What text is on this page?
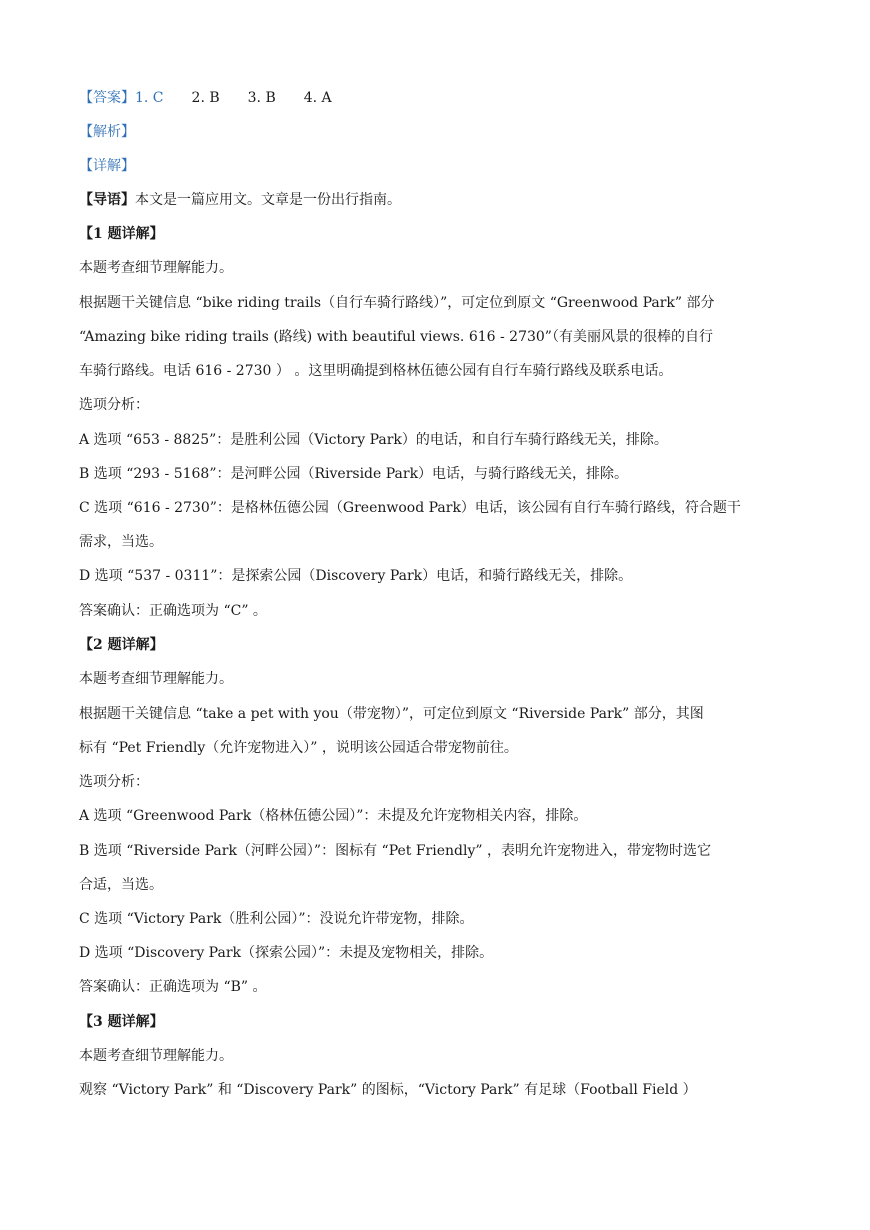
【答案】1. C 2. B 3. B 4. A
【解析】
【详解】
【导语】本文是一篇应用文。文章是一份出行指南。
【1 题详解】
本题考查细节理解能力。
根据题干关键信息 “bike riding trails（自行车骑行路线）”，可定位到原文 “Greenwood Park” 部分
“Amazing bike riding trails (路线) with beautiful views. 616 - 2730”（有美丽风景的很棒的自行
车骑行路线。电话 616 - 2730 ） 。这里明确提到格林伍德公园有自行车骑行路线及联系电话。
选项分析：
A 选项 “653 - 8825”：是胜利公园（Victory Park）的电话，和自行车骑行路线无关，排除。
B 选项 “293 - 5168”：是河畔公园（Riverside Park）电话，与骑行路线无关，排除。
C 选项 “616 - 2730”：是格林伍德公园（Greenwood Park）电话，该公园有自行车骑行路线，符合题干
需求，当选。
D 选项 “537 - 0311”：是探索公园（Discovery Park）电话，和骑行路线无关，排除。
答案确认：正确选项为 “C” 。
【2 题详解】
本题考查细节理解能力。
根据题干关键信息 “take a pet with you（带宠物）”，可定位到原文 “Riverside Park” 部分，其图
标有 “Pet Friendly（允许宠物进入）” ，说明该公园适合带宠物前往。
选项分析：
A 选项 “Greenwood Park（格林伍德公园）”：未提及允许宠物相关内容，排除。
B 选项 “Riverside Park（河畔公园）”：图标有 “Pet Friendly” ，表明允许宠物进入，带宠物时选它
合适，当选。
C 选项 “Victory Park（胜利公园）”：没说允许带宠物，排除。
D 选项 “Discovery Park（探索公园）”：未提及宠物相关，排除。
答案确认：正确选项为 “B” 。
【3 题详解】
本题考查细节理解能力。
观察 “Victory Park” 和 “Discovery Park” 的图标，“Victory Park” 有足球（Football Field ）
